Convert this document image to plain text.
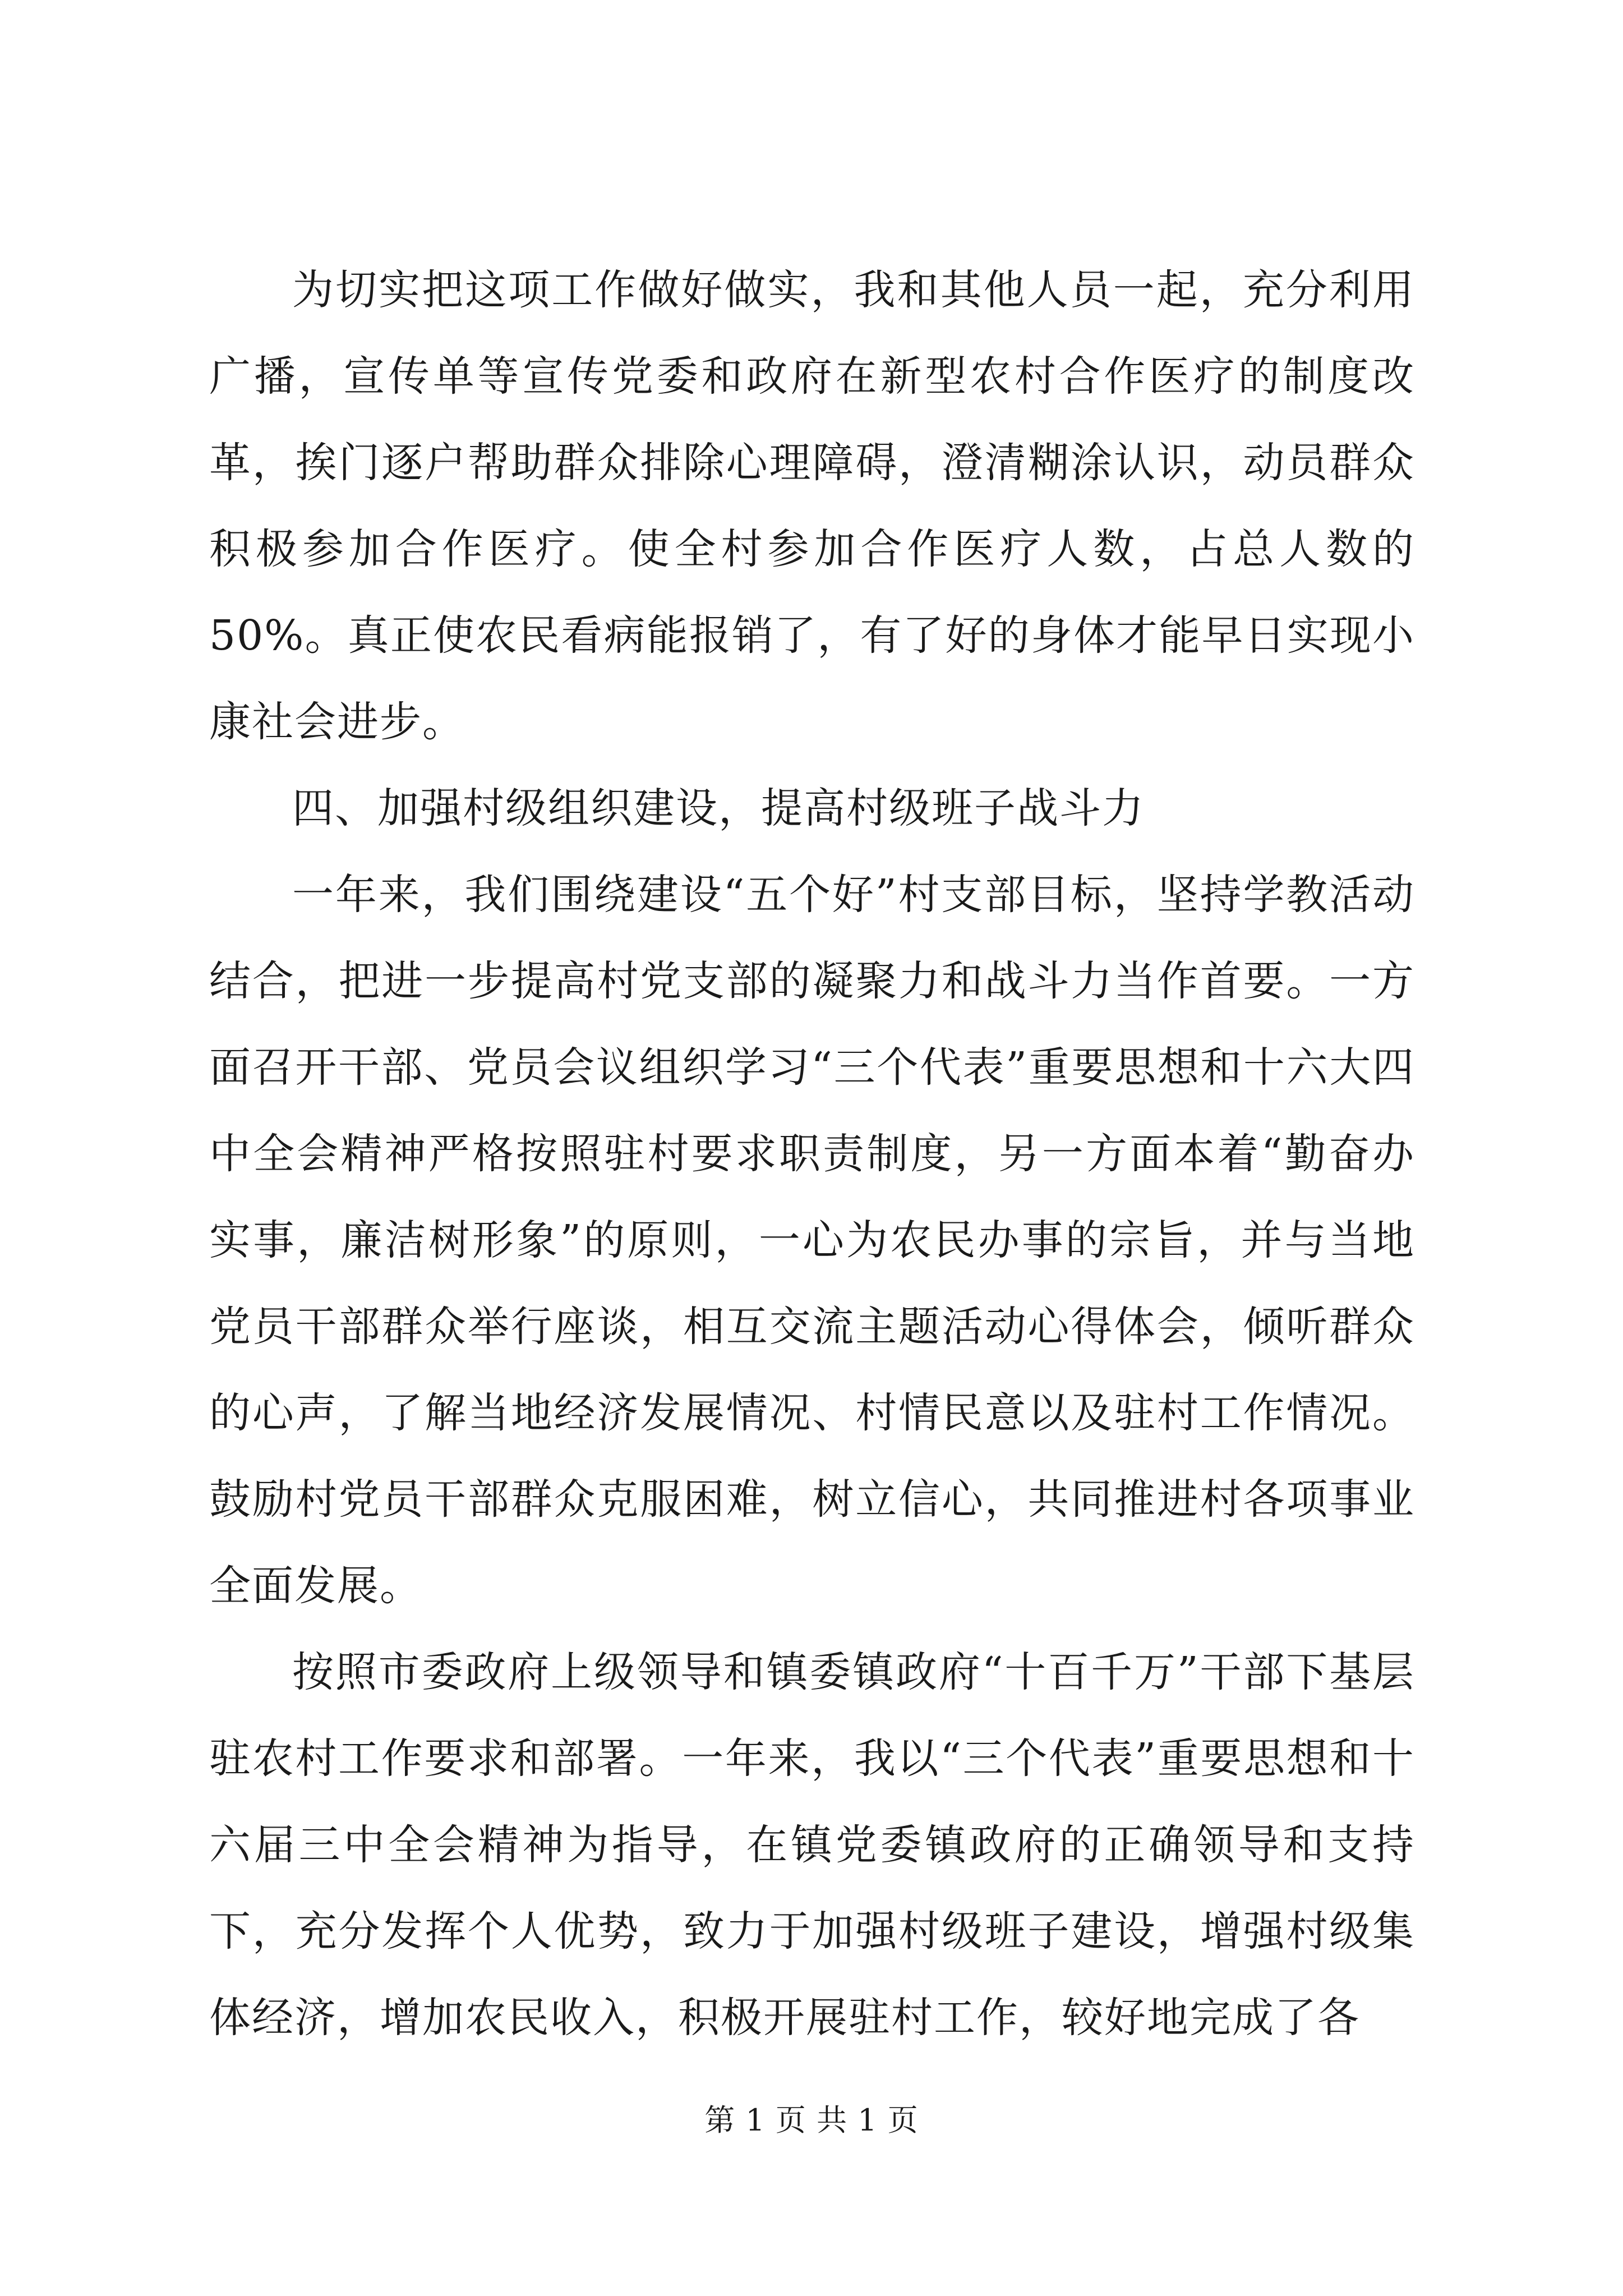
为切实把这项工作做好做实，我和其他人员一起，充分利用广播，宣传单等宣传党委和政府在新型农村合作医疗的制度改革，挨门逐户帮助群众排除心理障碍，澄清糊涂认识，动员群众积极参加合作医疗。使全村参加合作医疗人数，占总人数的50%。真正使农民看病能报销了，有了好的身体才能早日实现小康社会进步。

四、加强村级组织建设，提高村级班子战斗力

一年来，我们围绕建设“五个好”村支部目标，坚持学教活动结合，把进一步提高村党支部的凝聚力和战斗力当作首要。一方面召开干部、党员会议组织学习“三个代表”重要思想和十六大四中全会精神严格按照驻村要求职责制度，另一方面本着“勤奋办实事，廉洁树形象”的原则，一心为农民办事的宗旨，并与当地党员干部群众举行座谈，相互交流主题活动心得体会，倾听群众的心声，了解当地经济发展情况、村情民意以及驻村工作情况。鼓励村党员干部群众克服困难，树立信心，共同推进村各项事业全面发展。

按照市委政府上级领导和镇委镇政府“十百千万”干部下基层驻农村工作要求和部署。一年来，我以“三个代表”重要思想和十六届三中全会精神为指导，在镇党委镇政府的正确领导和支持下，充分发挥个人优势，致力于加强村级班子建设，增强村级集体经济，增加农民收入，积极开展驻村工作，较好地完成了各

第 1 页 共 1 页
